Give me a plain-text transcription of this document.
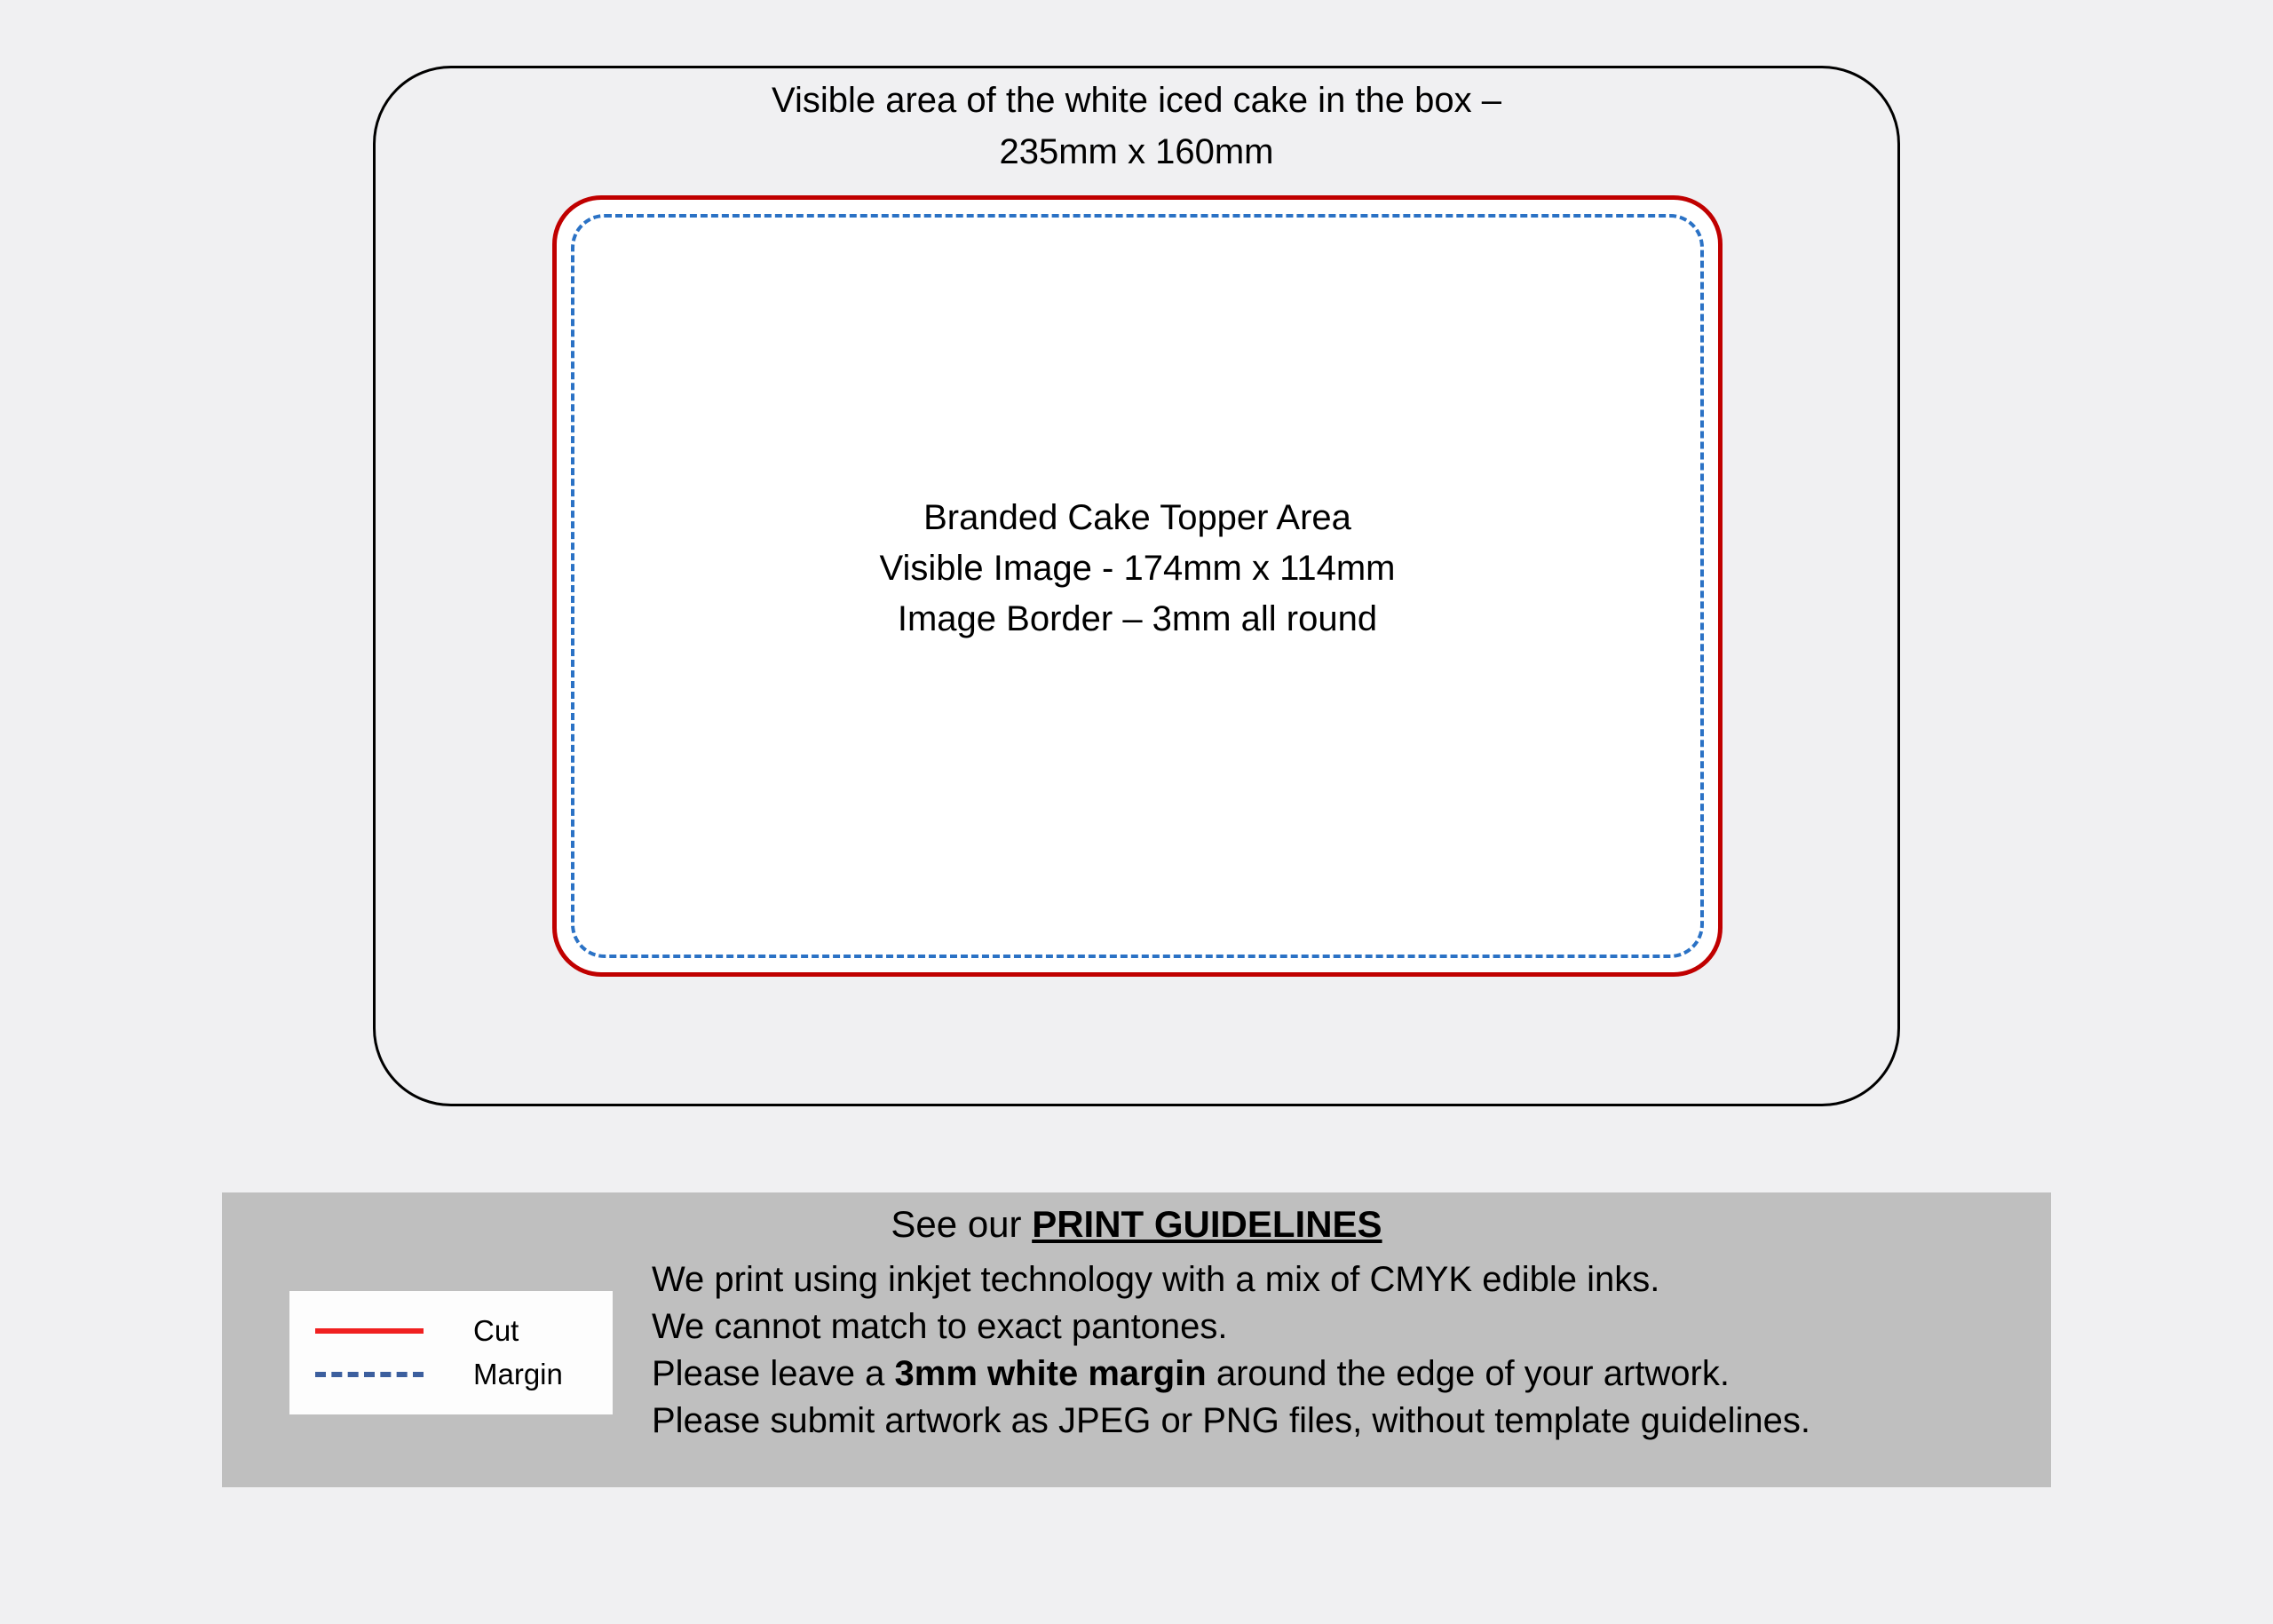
Visible area of the white iced cake in the box –
235mm x 160mm
Branded Cake Topper Area
Visible Image - 174mm x 114mm
Image Border – 3mm all round
See our PRINT GUIDELINES
Cut
Margin
We print using inkjet technology with a mix of CMYK edible inks.
We cannot match to exact pantones.
Please leave a 3mm white margin around the edge of your artwork.
Please submit artwork as JPEG or PNG files, without template guidelines.
